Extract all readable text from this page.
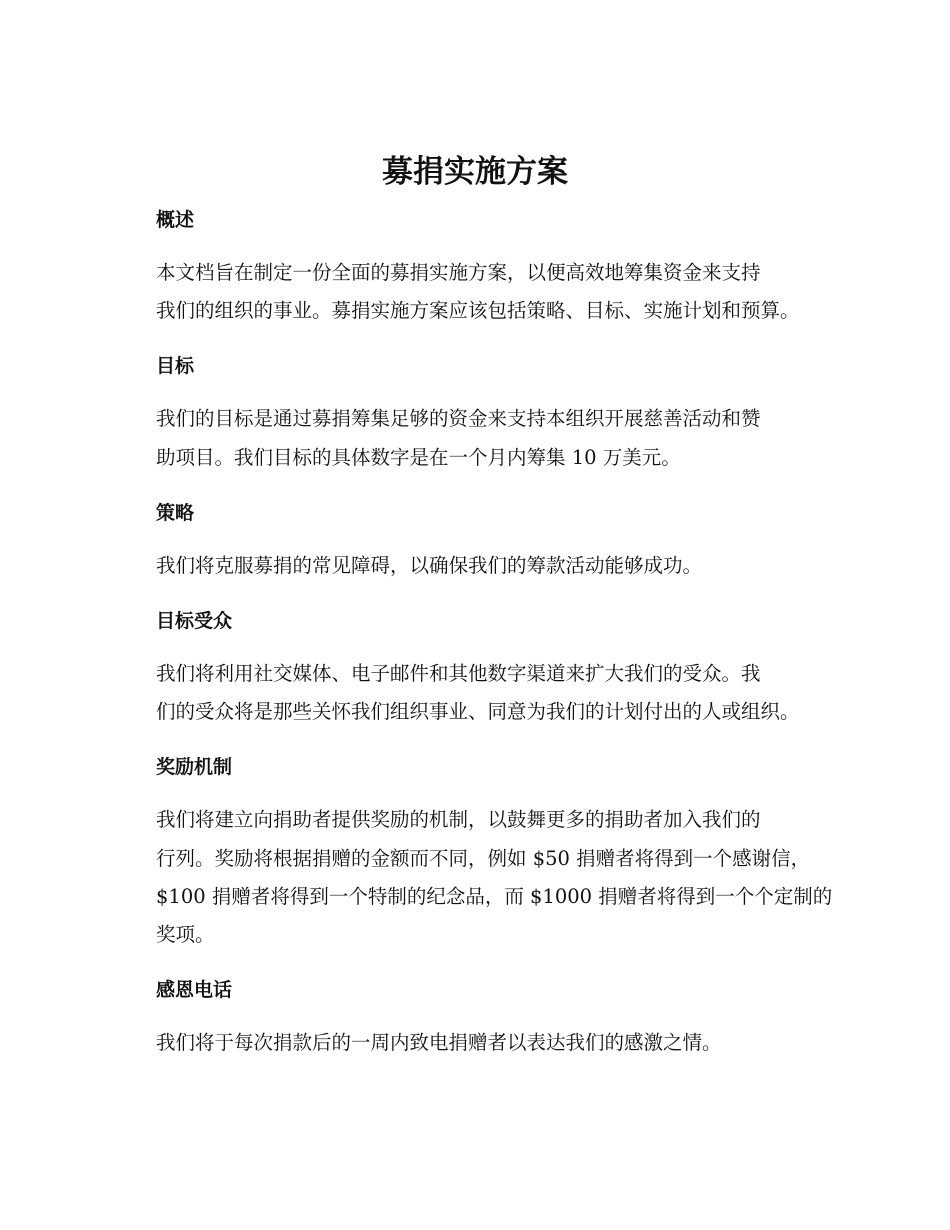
募捐实施方案
概述

本文档旨在制定一份全面的募捐实施方案，以便高效地筹集资金来支持
我们的组织的事业。募捐实施方案应该包括策略、目标、实施计划和预算。

目标

我们的目标是通过募捐筹集足够的资金来支持本组织开展慈善活动和赞
助项目。我们目标的具体数字是在一个月内筹集 10 万美元。

策略

我们将克服募捐的常见障碍，以确保我们的筹款活动能够成功。

目标受众

我们将利用社交媒体、电子邮件和其他数字渠道来扩大我们的受众。我
们的受众将是那些关怀我们组织事业、同意为我们的计划付出的人或组织。

奖励机制

我们将建立向捐助者提供奖励的机制，以鼓舞更多的捐助者加入我们的
行列。奖励将根据捐赠的金额而不同，例如 $50 捐赠者将得到一个感谢信，
$100 捐赠者将得到一个特制的纪念品，而 $1000 捐赠者将得到一个个定制的
奖项。

感恩电话

我们将于每次捐款后的一周内致电捐赠者以表达我们的感激之情。
